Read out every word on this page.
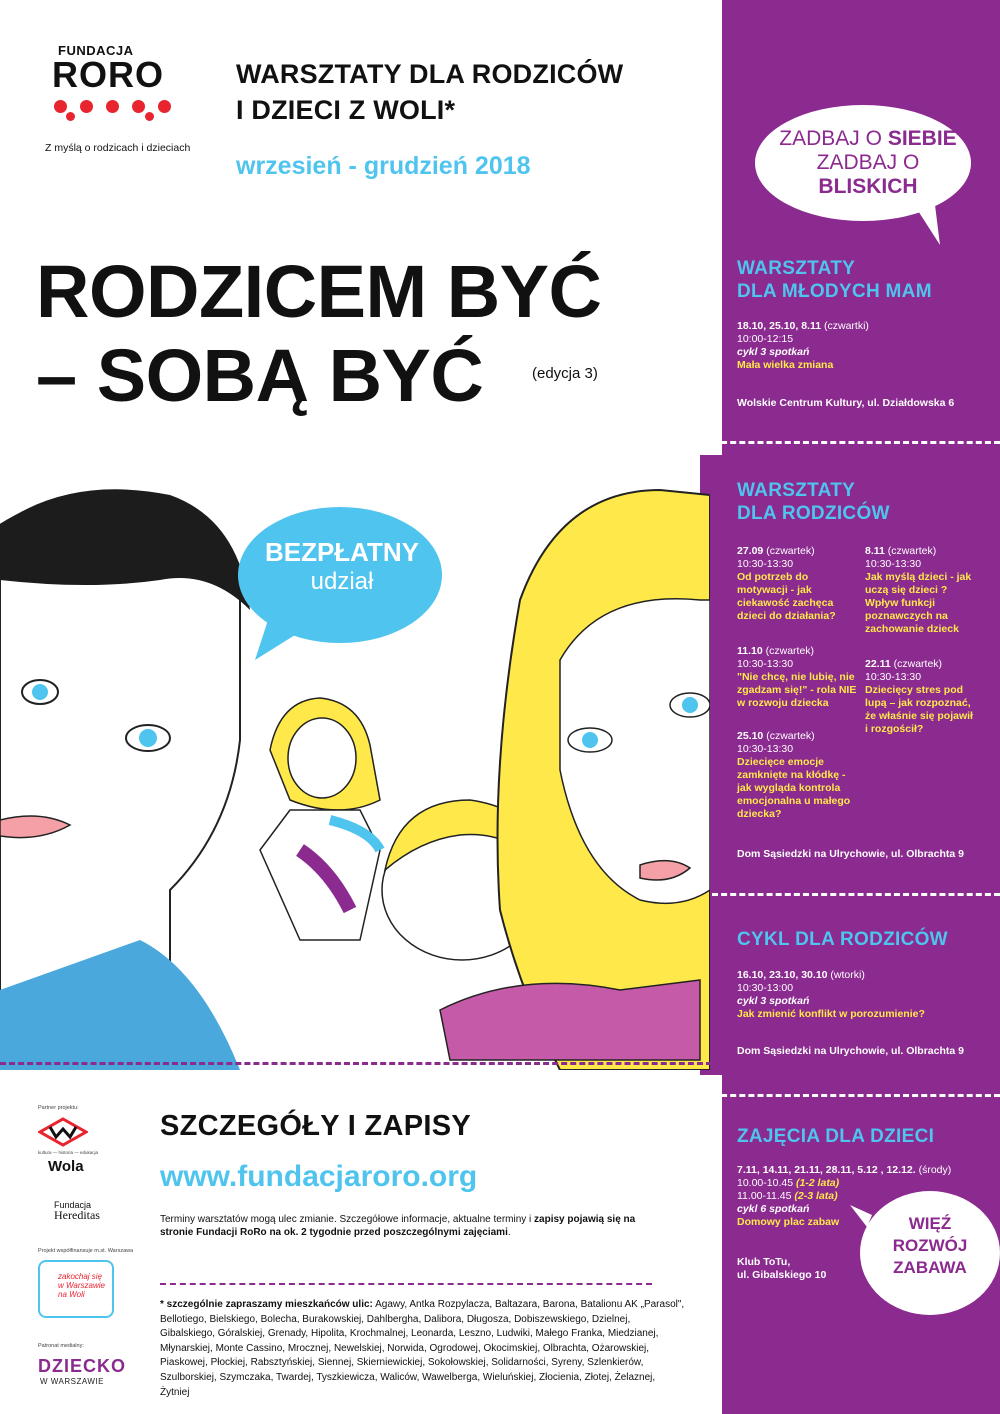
ZADBAJ O SIEBIE
ZADBAJ O BLISKICH
WARSZTATY
DLA MŁODYCH MAM
18.10, 25.10, 8.11 (czwartki)
10:00-12:15
cykl 3 spotkań
Mała wielka zmiana
Wolskie Centrum Kultury, ul. Działdowska 6
WARSZTATY
DLA RODZICÓW
27.09 (czwartek)
10:30-13:30

Od potrzeb do motywacji - jak ciekawość zachęca dzieci do działania?
11.10 (czwartek)
10:30-13:30

"Nie chcę, nie lubię, nie zgadzam się!" - rola NIE w rozwoju dziecka
25.10 (czwartek)
10:30-13:30

Dziecięce emocje zamknięte na kłódkę - jak wygląda kontrola emocjonalna u małego dziecka?
8.11 (czwartek)
10:30-13:30

Jak myślą dzieci - jak uczą się dzieci ? Wpływ funkcji poznawczych na zachowanie dzieck
22.11 (czwartek)
10:30-13:30

Dziecięcy stres pod lupą – jak rozpoznać, że właśnie się pojawił i rozgościł?
Dom Sąsiedzki na Ulrychowie, ul. Olbrachta 9
CYKL DLA RODZICÓW
16.10, 23.10, 30.10 (wtorki)
10:30-13:00
cykl 3 spotkań
Jak zmienić konflikt w porozumienie?
Dom Sąsiedzki na Ulrychowie, ul. Olbrachta 9
ZAJĘCIA DLA DZIECI
7.11, 14.11, 21.11, 28.11, 5.12 , 12.12. (środy)
10.00-10.45 (1-2 lata)
11.00-11.45 (2-3 lata)
cykl 6 spotkań
Domowy plac zabaw
Klub ToTu,
ul. Gibalskiego 10
WIĘŹ
ROZWÓJ
ZABAWA
FUNDACJA
RORO
Z myślą o rodzicach i dzieciach
WARSZTATY DLA RODZICÓW
I DZIECI Z WOLI*
wrzesień - grudzień 2018
RODZICEM BYĆ
– SOBĄ BYĆ	(edycja 3)
BEZPŁATNY
udział
Partner projektu:
kultura — historia — edukacja
Wola
Fundacja
Hereditas
Projekt współfinansuje m.st. Warszawa
zakochaj się w Warszawie na Woli
Patronat medialny:
DZIECKO
W WARSZAWIE
SZCZEGÓŁY I ZAPISY
www.fundacjaroro.org
Terminy warsztatów mogą ulec zmianie. Szczegółowe informacje, aktualne terminy i zapisy pojawią się na stronie Fundacji RoRo na ok. 2 tygodnie przed poszczególnymi zajęciami.
* szczególnie zapraszamy mieszkańców ulic: Agawy, Antka Rozpylacza, Baltazara, Barona, Batalionu AK „Parasol", Bellotiego, Bielskiego, Bolecha, Burakowskiej, Dahlbergha, Dalibora, Długosza, Dobiszewskiego, Dzielnej, Gibalskiego, Góralskiej, Grenady, Hipolita, Krochmalnej, Leonarda, Leszno, Ludwiki, Małego Franka, Miedzianej, Młynarskiej, Monte Cassino, Mrocznej, Newelskiej, Norwida, Ogrodowej, Okocimskiej, Olbrachta, Ożarowskiej, Piaskowej, Płockiej, Rabsztyńskiej, Siennej, Skierniewickiej, Sokołowskiej, Solidarności, Syreny, Szlenkierów, Szulborskiej, Szymczaka, Twardej, Tyszkiewicza, Waliców, Wawelberga, Wieluńskiej, Złocienia, Złotej, Żelaznej, Żytniej
